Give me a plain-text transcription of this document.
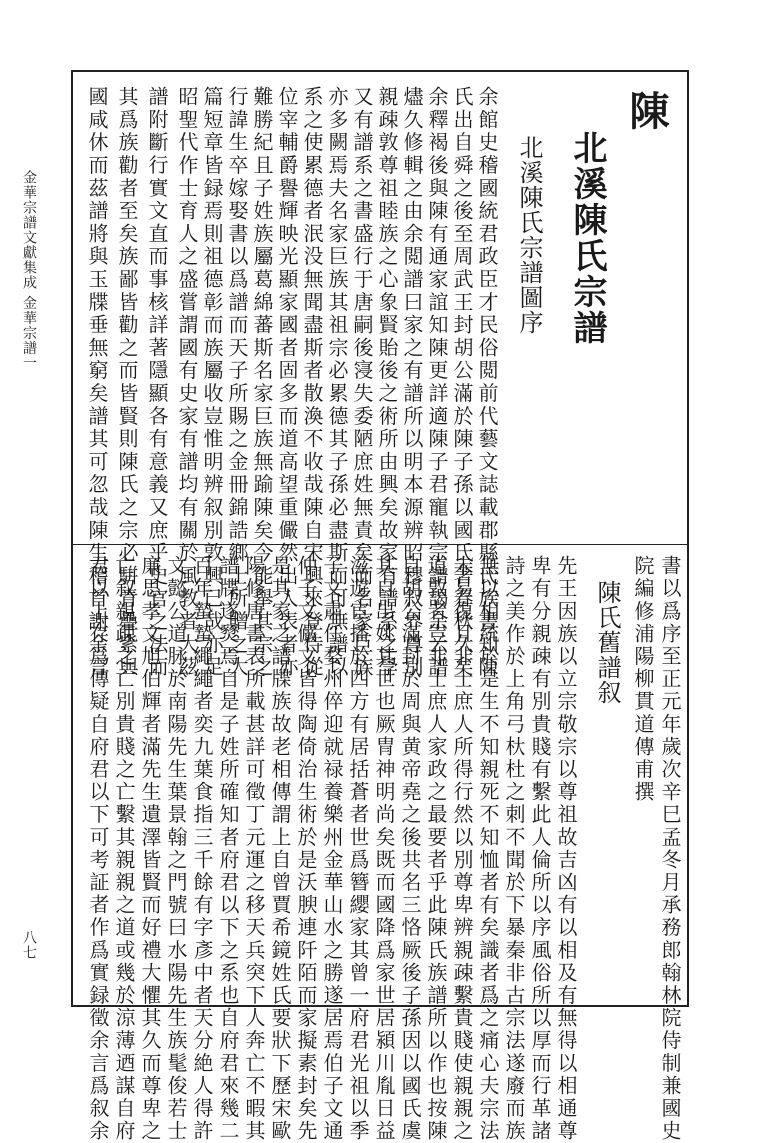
金華宗譜文獻集成 金華宗譜一
八七
陳
北溪陳氏宗譜
北溪陳氏宗譜圖序
余館史稽國統君政臣才民俗閲前代藝文誌載郡縣氏族書知陳
氏出自舜之後至周武王封胡公滿於陳子孫以國氏著春秋久矣
余釋褐後與陳有通家誼知陳更詳適陳子君寵執宗譜謁余云譜
燼久修輯之由余閲譜曰家之有譜所以明本源辨昭穆叙界尊別
親疎敦尊祖睦族之心象賢貽後之術所由興矣故家有譜系之學
又有譜系之書盛行于唐嗣後寖失委陋庶姓無責矣而名家巨族
亦多闕焉夫名家巨族其祖宗必累德其子孫必盡斯而可無譜以
系之使累德者泯没無聞盡斯者散渙不收哉陳自宋興來登侍從
位宰輔爵譽輝映光顯家國者固多而道高望重儼然出人表者亦
難勝紀且子姓族屬葛綿蕃斯名家巨族無踰陳矣今能舉其宗之
行諱生卒嫁娶書以爲譜而天子所賜之金冊錦誥鄉士所贈之大
篇短章皆録焉則祖德彰而族屬收豈惟明辨叙別敦興已哉亦足
昭聖代作士育人之盛嘗謂國有史家有譜均有關於風教者大茲
譜附斷行實文直而事核詳著隱顯各有意義又庶乎史官之法而
其爲族勸者至矣族鄙皆勸之而皆賢則陳氏之宗必騈青疊紫與
國咸休而茲譜將與玉牒垂無窮矣譜其可忽哉陳生稽首謝余言
書以爲序至正元年歲次辛巳孟冬月承務郎翰林院侍制兼國史
院編修浦陽柳貫道傳甫撰
陳氏舊譜叙
先王因族以立宗敬宗以尊祖故吉凶有以相及有無得以相通尊
卑有分親疎有別貴賤有繫此人倫所以序風俗所以厚而行革諸
詩之美作於上角弓杕杜之刺不聞於下暴秦非古宗法遂廢而族
無以相統於是生不知親死不知恤者有矣識者爲之痛心夫宗法
未易復且非士庶人所得行然以別尊卑辨親疎繫貴賤使親親之
道敦者豈非士庶人家政之最要者乎此陳氏族譜所以作也按陳
自胡公滿封於周與黄帝堯之後共名三恪厥後子孫因以國氏虞
其自出姚其世也厥冑神明尚矣既而國降爲家世居潁川胤日益
滋遊宦播於四方有居括蒼者世爲簪纓家其曾一府君光祖以季
子文肅任婺州倅迎就禄養樂州金華山水之勝遂居焉伯子文通
仲子文儼文皆得陶倚治生術於是沃腴連阡陌而家擬素封矣先
是其家之譜牒族故老相傳謂上自曾賈希鏡姓氏要狀下歷宋歐
陽修唐書表所載甚詳可徵丁元運之移天兵突下人奔亡不暇其
譜牒遂燹焉自是子姓所確知者府君以下之系也自府君來幾二
百年蟄蟄繩繩者奕九葉食指三千餘有字彥中者天分絶人得許
文懿公道脉於南陽先生葉景翰之門號曰水陽先生族髦俊若士
廉思孝文旭伯輝者滿先生遺澤皆賢而好禮大懼其久而尊卑之
亡叙親疎之亡別貴賤之亡繫其親親之道或幾於涼薄迺謀自府
君以上存爲傳疑自府君以下可考証者作爲實録徵余言爲叙余
